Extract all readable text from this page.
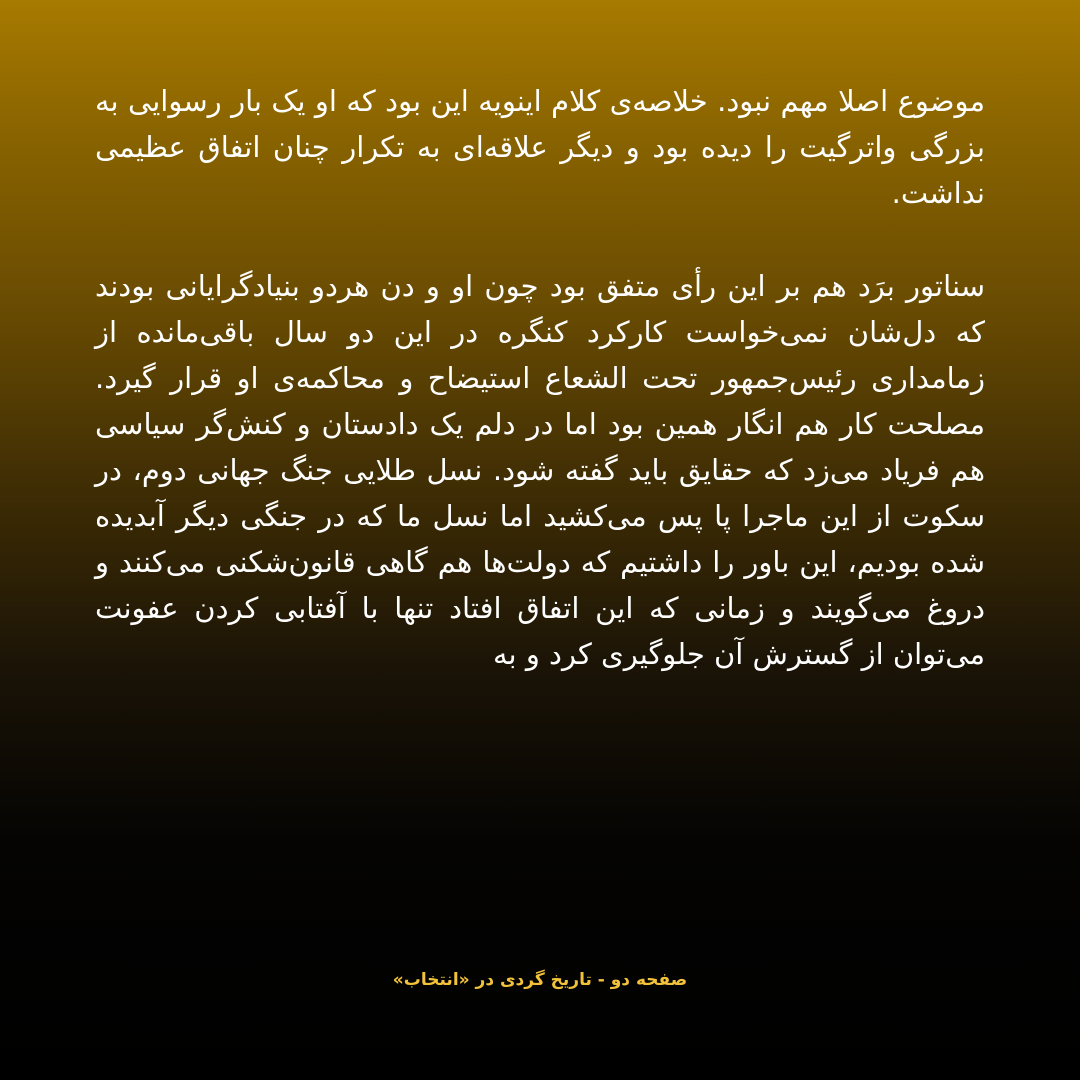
موضوع اصلا مهم نبود. خلاصه‌ی کلام اینویه این بود که او یک بار رسوایی به بزرگی واترگیت را دیده بود و دیگر علاقه‌ای به تکرار چنان اتفاق عظیمی نداشت.

سناتور برَد هم بر این رأی متفق بود چون او و دن هردو بنیادگرایانی بودند که دل‌شان نمی‌خواست کارکرد کنگره در این دو سال باقی‌مانده از زمامداری رئیس‌جمهور تحت الشعاع استیضاح و محاکمه‌ی او قرار گیرد. مصلحت کار هم انگار همین بود اما در دلم یک دادستان و کنش‌گر سیاسی هم فریاد می‌زد که حقایق باید گفته شود. نسل طلایی جنگ جهانی دوم، در سکوت از این ماجرا پا پس می‌کشید اما نسل ما که در جنگی دیگر آبدیده شده بودیم، این باور را داشتیم که دولت‌ها هم گاهی قانون‌شکنی می‌کنند و دروغ می‌گویند و زمانی که این اتفاق افتاد تنها با آفتابی کردن عفونت می‌توان از گسترش آن جلوگیری کرد و به

صفحه دو - تاریخ گردی در «انتخاب»
